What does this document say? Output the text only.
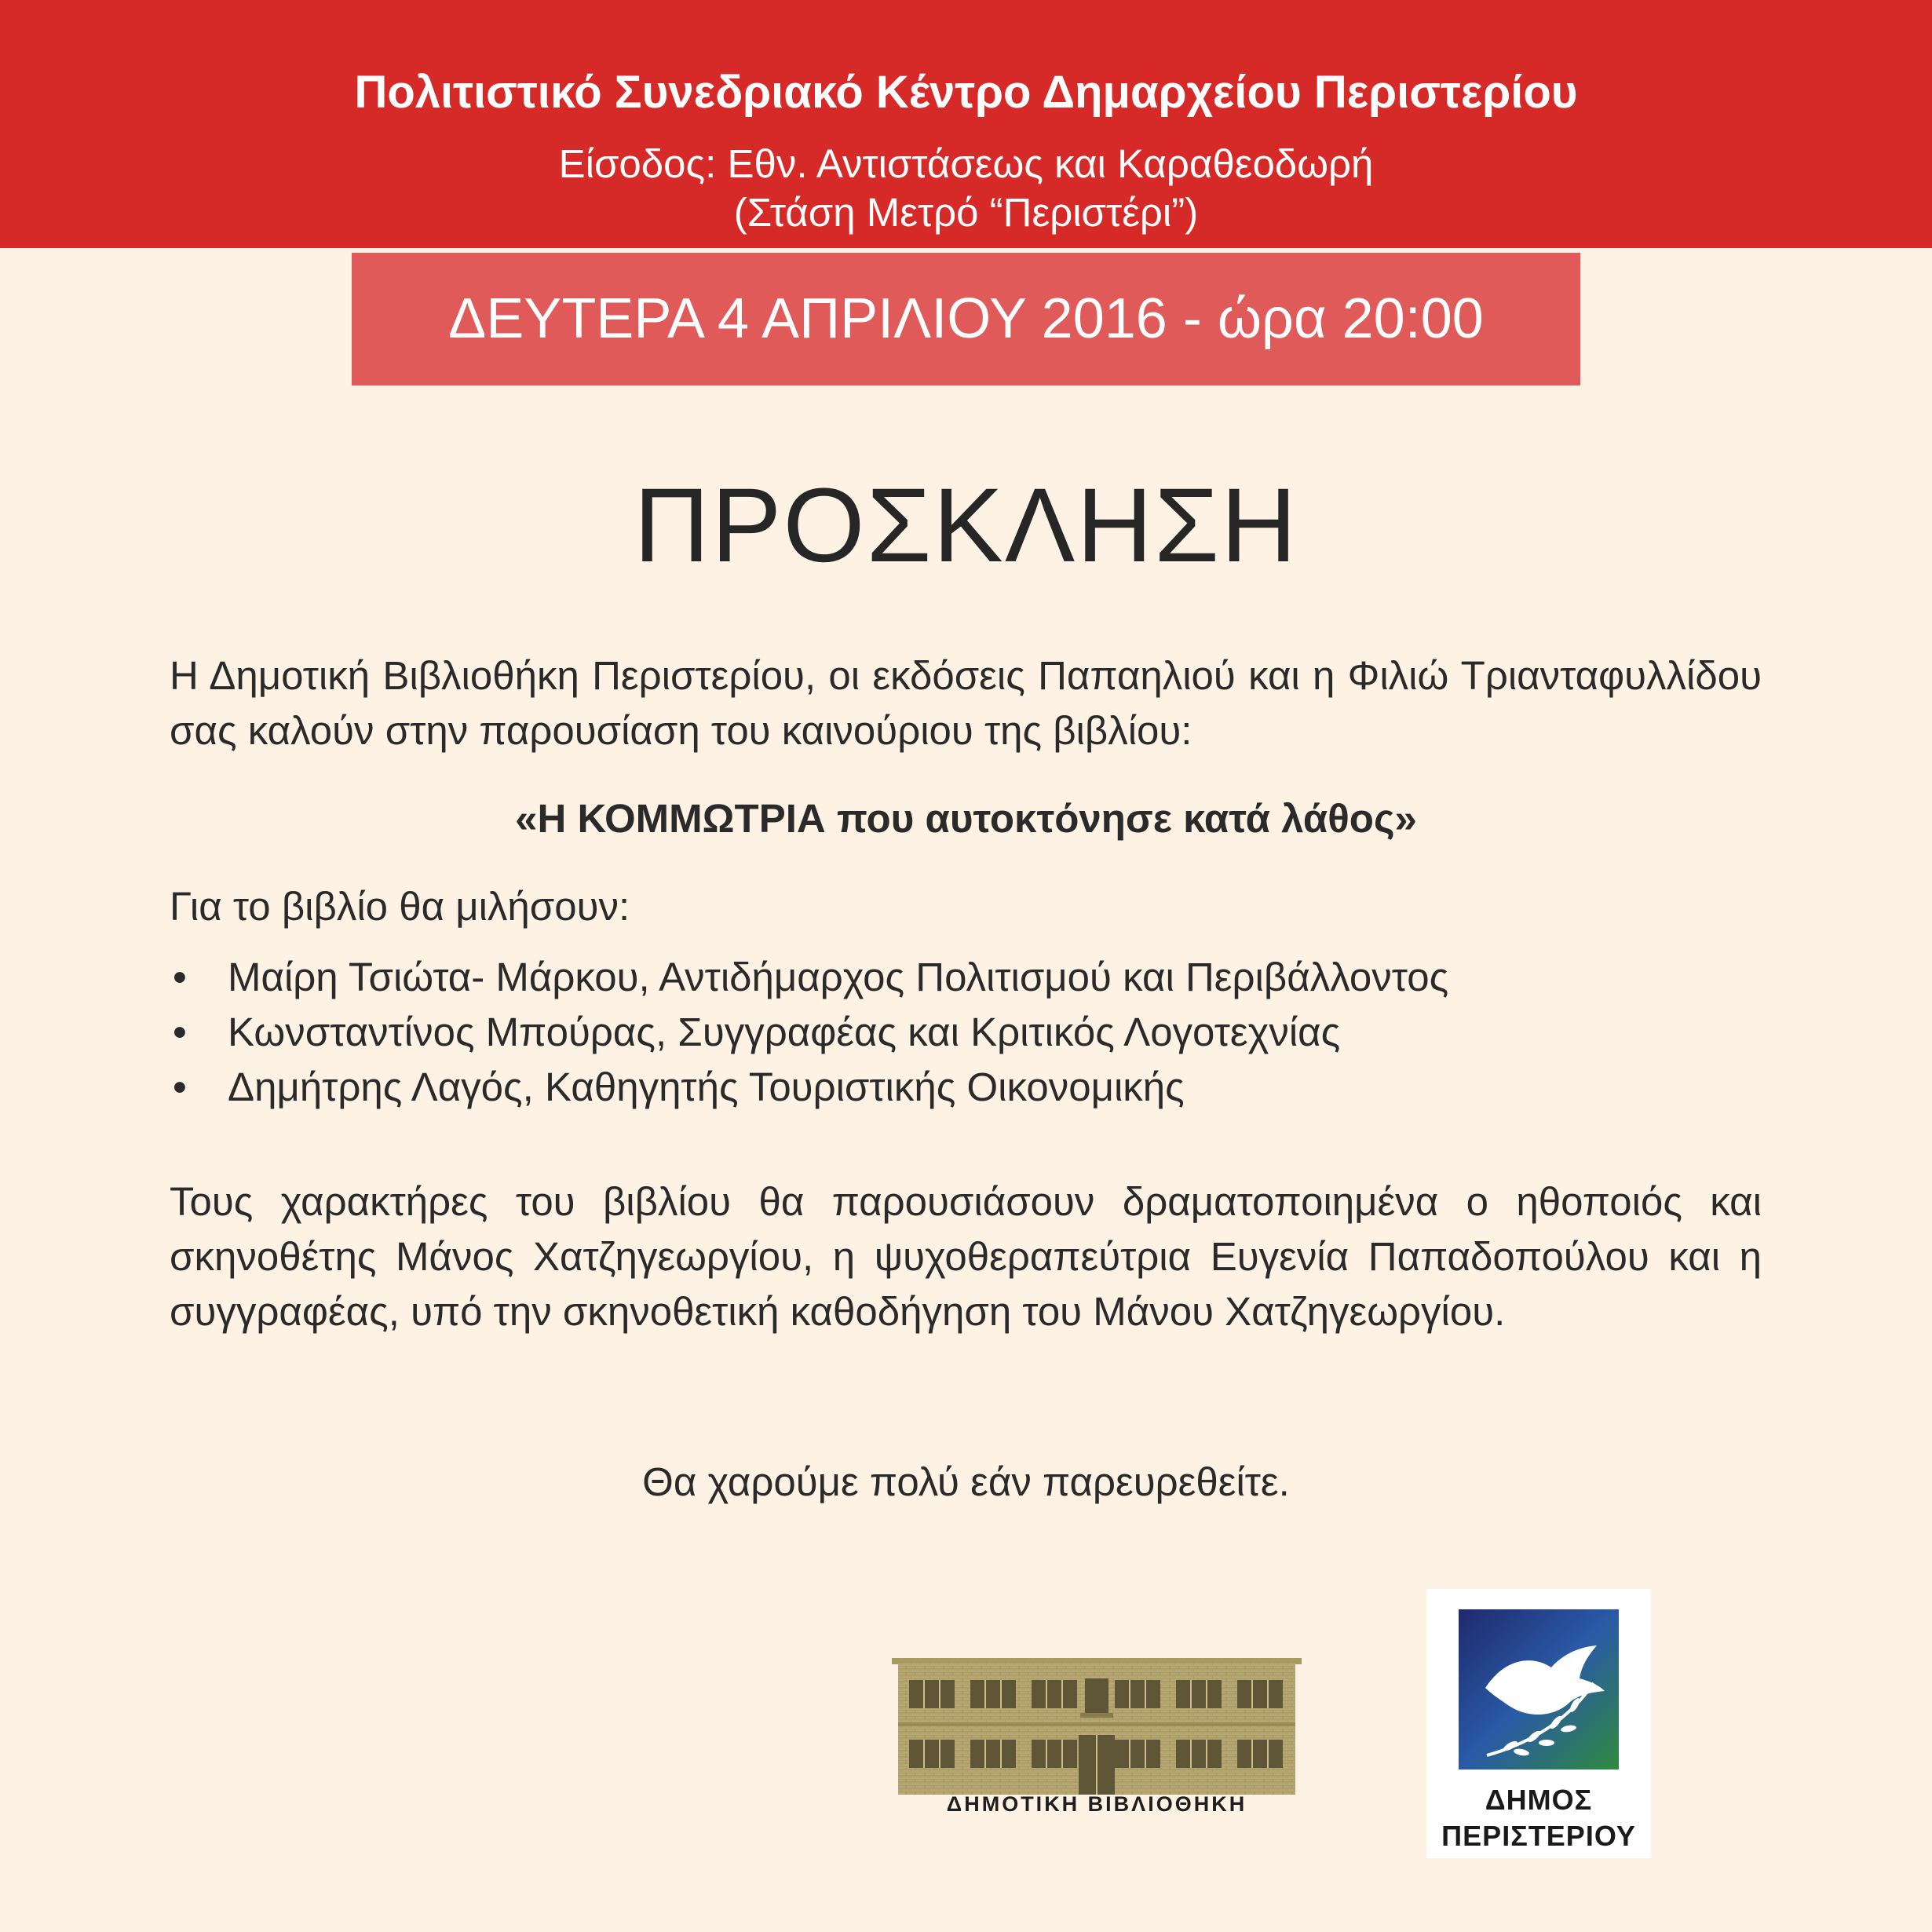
Πολιτιστικό Συνεδριακό Κέντρο Δημαρχείου Περιστερίου
Είσοδος: Εθν. Αντιστάσεως και Καραθεοδωρή
(Στάση Μετρό “Περιστέρι”)
ΔΕΥΤΕΡΑ 4 ΑΠΡΙΛΙΟΥ 2016 - ώρα 20:00
ΠΡΟΣΚΛΗΣΗ
Η Δημοτική Βιβλιοθήκη Περιστερίου, οι εκδόσεις Παπαηλιού και η Φιλιώ Τριανταφυλλίδου σας καλούν στην παρουσίαση του καινούριου της βιβλίου:
«Η ΚΟΜΜΩΤΡΙΑ που αυτοκτόνησε κατά λάθος»
Για το βιβλίο θα μιλήσουν:
• Μαίρη Τσιώτα- Μάρκου, Αντιδήμαρχος Πολιτισμού και Περιβάλλοντος
• Κωνσταντίνος Μπούρας, Συγγραφέας και Κριτικός Λογοτεχνίας
• Δημήτρης Λαγός, Καθηγητής Τουριστικής Οικονομικής
Τους χαρακτήρες του βιβλίου θα παρουσιάσουν δραματοποιημένα ο ηθοποιός και σκηνοθέτης Μάνος Χατζηγεωργίου, η ψυχοθεραπεύτρια Ευγενία Παπαδοπούλου και η συγγραφέας, υπό την σκηνοθετική καθοδήγηση του Μάνου Χατζηγεωργίου.
Θα χαρούμε πολύ εάν παρευρεθείτε.
ΔΗΜΟΤΙΚΗ ΒΙΒΛΙΟΘΗΚΗ	ΔΗΜΟΣ
ΠΕΡΙΣΤΕΡΙΟΥ
